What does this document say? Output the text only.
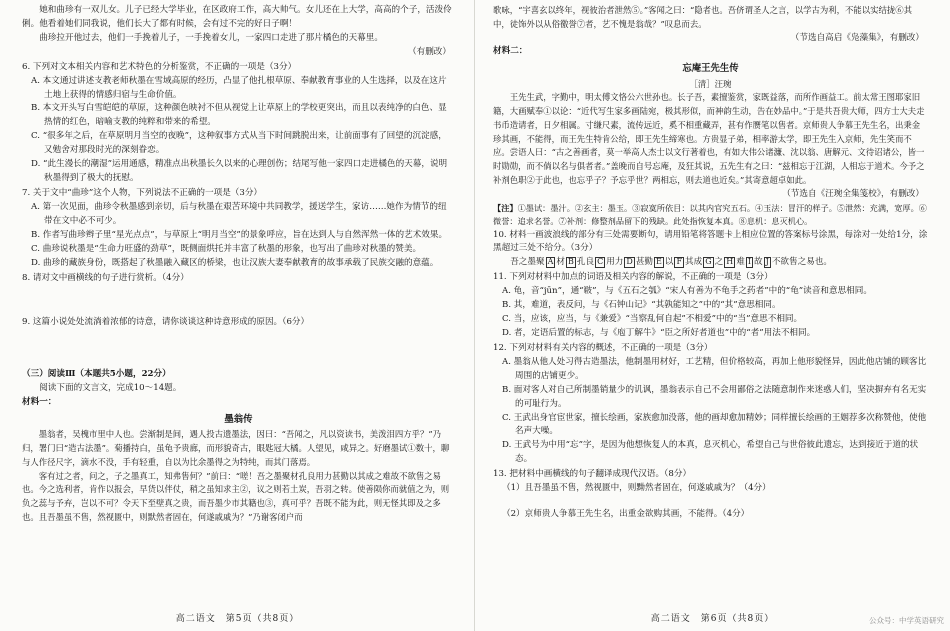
她和曲珍有一双儿女。儿子已经大学毕业，在区政府工作，高大帅气。女儿还在上大学，高高的个子，活泼伶俐。他看着她们同我说，他们长大了都有时候，会有过不完的好日子啊！

曲珍拉开他过去，他们一手挽着儿子，一手挽着女儿，一家四口走进了那片橘色的天幕里。

（有删改）

6. 下列对文本相关内容和艺术特色的分析鉴赏，不正确的一项是（3分）

A. 本文通过讲述支教老师秋墨在雪域高原的经历，凸显了他扎根草原、奉献教育事业的人生选择，以及在这片土地上获得的情感归宿与生命价值。

B. 本文开头写白雪皑皑的草原，这种颜色映衬不但从视觉上让草原上的学校更突出，而且以表纯净的白色、显热情的红色，暗喻支教的纯粹和带来的希望。

C. “很多年之后，在草原明月当空的夜晚”，这种叙事方式从当下时间跳脱出来，让前面事有了回望的沉淀感，又勉舍对那段时光的深刻眷恋。

D. “此生漫长的潮湿”运用通感，精准点出秋墨长久以来的心理创伤；结尾写他一家四口走进橘色的天幕，说明秋墨得到了极大的抚慰。

7. 关于文中“曲珍”这个人物，下列说法不正确的一项是（3分）

A. 第一次见面，曲珍令秋墨感到亲切，后与秋墨在艰苦环境中共同教学，援送学生，家访……她作为情节的纽带在文中必不可少。

B. 作者写曲珍辫子里“星光点点”，与草原上“明月当空”的景象呼应，旨在达到人与自然浑然一体的艺术效果。

C. 曲珍说秋墨是“生命力旺盛的劲草”，既侧面烘托并丰富了秋墨的形象，也写出了曲珍对秋墨的赞美。

D. 曲珍的藏族身份，既搭起了秋墨融入藏区的桥梁，也让汉族大妻奉献教育的故事承载了民族交融的意蕴。

8. 请对文中画横线的句子进行赏析。（4分）

9. 这篇小说处处流淌着浓郁的诗意，请你谈谈这种诗意形成的原因。（6分）

（三）阅读Ⅲ（本题共5小题，22分）

阅读下面的文言文，完成10～14题。

材料一：

墨翁传

墨翁者，吴槐市里中人也。尝渐制是间，遇人投古遗墨法，因曰：“吾闻之，凡以资读书，美泼泪四方乎？”乃归，署门曰“造古法墨”。菊播持白，虽龟予贵廊，而形貌奇古，眼匙冠大橘。人望见，咸异之。好磨墨试①数十，聊与人作径尺字，滴水不没，手有轻重，自以为比余墨得之为特纯，而其门落焉。

客有过之者，问之，子之墨真工，知弗售何？”前曰：“嗟！吾之墨聚材孔良用力甚勤以其成之难故不欲售之易也。今之选利者，肯作以报会，早货以伴仗，稍之虽知求主②，议之则若土炭，吾羽之转。使善陨你而就值之为，则负之蕊与予弃，岂以不可？令天下至壁真之贵，而吾墨少市其籍也③，真可乎？吾既不能为此，则无怪其即及之多也。且吾墨虽不售，然视匮中，则默然者固在，何遂戚戚为？”乃谢客闭户而

高二语文　第5页（共8页）

歌咏，“宇喜玄以终年，视彼治者泄然⑤。”客闻之曰：“隐者也。吾侪谓圣人之言，以学古为利，不能以实结拢⑥其中，徒饰外以从俗徼誉⑦者，艺不愧是翁哉？”叹息而去。

（节选自高启《凫藻集》，有删改）

材料二：

忘庵王先生传

［清］汪琬

王先生武，字勤中，明太傅文恪公六世孙也。长子吾，素擅鉴赏，家既益落，而所作画益工。前太常王图耶家旧籍，大画赋奉①以论：“近代写生家多画陆宛，极其形似，而神韵生动，告在妙品中。”于是共吾贵大师，四方士大夫走书币造请者，日夕相属。寸缣尺素，流传远近，奚不相重藏弄，甚有作赝笔以售者。京师贵人争慕王先生名，出秉金珍其画，不能得，而王先生特肯公给，即王先生缔寒也。方贵显子弟，相率游太学，即王先生入京师，先生笑而不应。尝语人曰：“古之善画者，莫一举高人杰士以文行著着也，有如大伟公诸濂、沈以翁、唐解元、文待诏诸公，皆一时勋勋，而不倘以名与俱者者。”盖晚而自号忘庵，及狂其说，五先生有之曰：“兹相忘于江湖，人相忘于道术。今予之补剂色职②于此也，也忘乎子？予忘乎世？两相忘，则去道也近矣。”其寄意超卓如此。

（节选自《汪琬全集笺校》，有删改）

【注】①墨试：墨汁。②玄主：墨玉。③寂寞所依目：以其内官究五石。④玉法：冒汗的样子。⑤泄然：充满，宽厚。⑥微誉：追求名誉。⑦补剂：修整剂品留下的残缺。此处指恢复本真。⑧息机：息灭机心。

10. 材料一画波浪线的部分有三处需要断句，请用铅笔将答题卡上相应位置的答案标号涂黑，每涂对一处给1分，涂黑超过三处不给分。（3分）

吾之墨聚 A 材 B 孔良 C 用力 D 甚勤 E 以 F 其成 G 之 H 难 I 故 J 不欲售之易也。

11. 下列对材料中加点的词语及相关内容的解说，不正确的一项是（3分）

A. 龟，音“jūn”，通“皲”，与《五石之瓠》“宋人有善为不龟手之药者”中的“龟”读音和意思相同。

B. 其，难道，表反问，与《石钟山记》“其孰能知之”中的“其”意思相同。

C. 当，应该，应当，与《兼爱》“当察乱何自起”不相爱”中的“当”意思不相同。

D. 者，定语后置的标志，与《庖丁解牛》“臣之所好者道也”中的“者”用法不相同。

12. 下列对材料有关内容的概述，不正确的一项是（3分）

A. 墨翁从他人处习得古造墨法，他制墨用材好，工艺精，但价格较高，再加上他形貌怪异，因此他店铺的顾客比周围的店铺更少。

B. 面对客人对自己所制墨销量少的讥讽，墨翁表示自己不会用鄙俗之法随意制作来迷惑人们，坚决摒弃有名无实的可耻行为。

C. 王武出身官宦世家，擅长绘画，家族愈加没落，他的画却愈加精妙；同样擅长绘画的王姻荐多次称赞他，使他名声大噪。

D. 王武号为中用“忘”字，是因为他想恢复人的本真，息灭机心，希望自己与世俗彼此遗忘，达到接近于道的状态。

13. 把材料中画横线的句子翻译成现代汉语。（8分）

（1）且吾墨虽不售，然视匮中，则黝然者固在，何遂戚戚为？（4分）

（2）京师贵人争慕王先生名，出重金欲购其画，不能得。（4分）

高二语文　第6页（共8页）	公众号：中学英语研究
